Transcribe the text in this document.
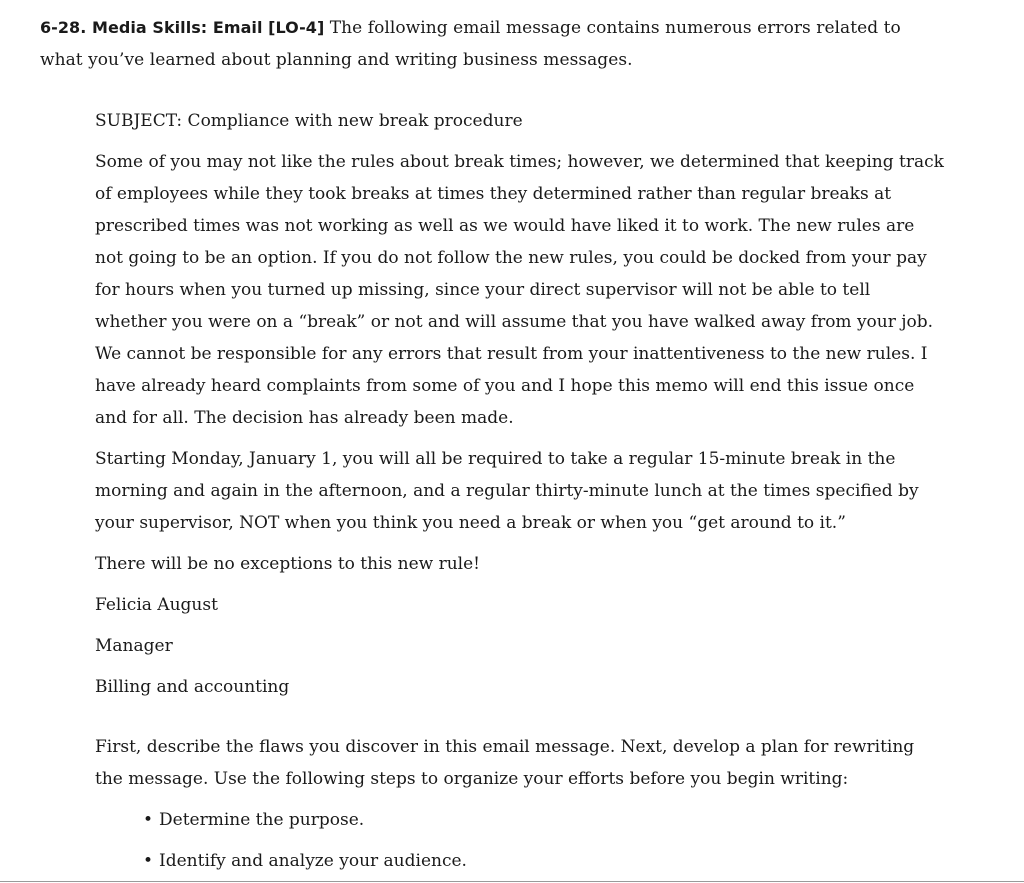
6-28. Media Skills: Email [LO-4] The following email message contains numerous errors related to what you’ve learned about planning and writing business messages.

SUBJECT: Compliance with new break procedure

Some of you may not like the rules about break times; however, we determined that keeping track of employees while they took breaks at times they determined rather than regular breaks at prescribed times was not working as well as we would have liked it to work. The new rules are not going to be an option. If you do not follow the new rules, you could be docked from your pay for hours when you turned up missing, since your direct supervisor will not be able to tell whether you were on a “break” or not and will assume that you have walked away from your job. We cannot be responsible for any errors that result from your inattentiveness to the new rules. I have already heard complaints from some of you and I hope this memo will end this issue once and for all. The decision has already been made.

Starting Monday, January 1, you will all be required to take a regular 15-minute break in the morning and again in the afternoon, and a regular thirty-minute lunch at the times specified by your supervisor, NOT when you think you need a break or when you “get around to it.”

There will be no exceptions to this new rule!

Felicia August

Manager

Billing and accounting

First, describe the flaws you discover in this email message. Next, develop a plan for rewriting the message. Use the following steps to organize your efforts before you begin writing:

• Determine the purpose.
• Identify and analyze your audience.
